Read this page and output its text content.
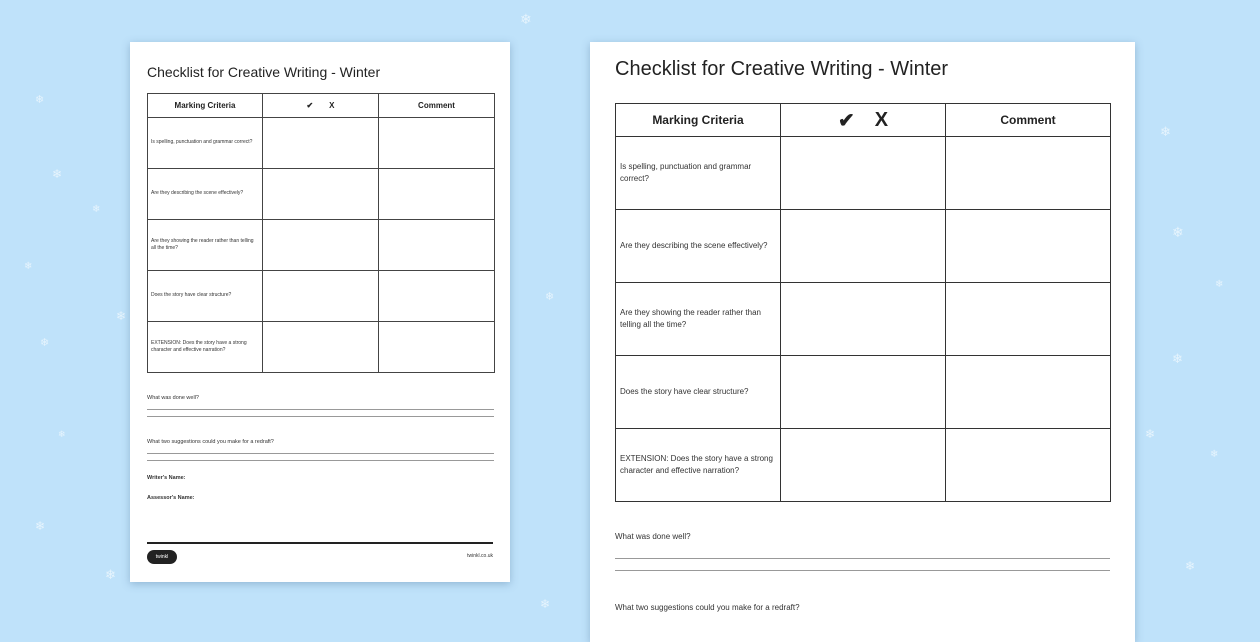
❄
❄
❄
❄
❄
❄
❄
❄
❄
❄
❄
❄
❄
❄
❄
❄
❄
❄
❄
Checklist for Creative Writing - Winter
Marking Criteria	✔ X	Comment
Is spelling, punctuation and grammar correct?		
Are they describing the scene effectively?		
Are they showing the reader rather than telling all the time?		
Does the story have clear structure?		
EXTENSION: Does the story have a strong character and effective narration?		
What was done well?
What two suggestions could you make for a redraft?
Writer's Name:
Assessor's Name:
twinkl	twinkl.co.uk
Checklist for Creative Writing - Winter
Marking Criteria	✔ X	Comment
Is spelling, punctuation and grammar correct?		
Are they describing the scene effectively?		
Are they showing the reader rather than telling all the time?		
Does the story have clear structure?		
EXTENSION: Does the story have a strong character and effective narration?		
What was done well?
What two suggestions could you make for a redraft?
